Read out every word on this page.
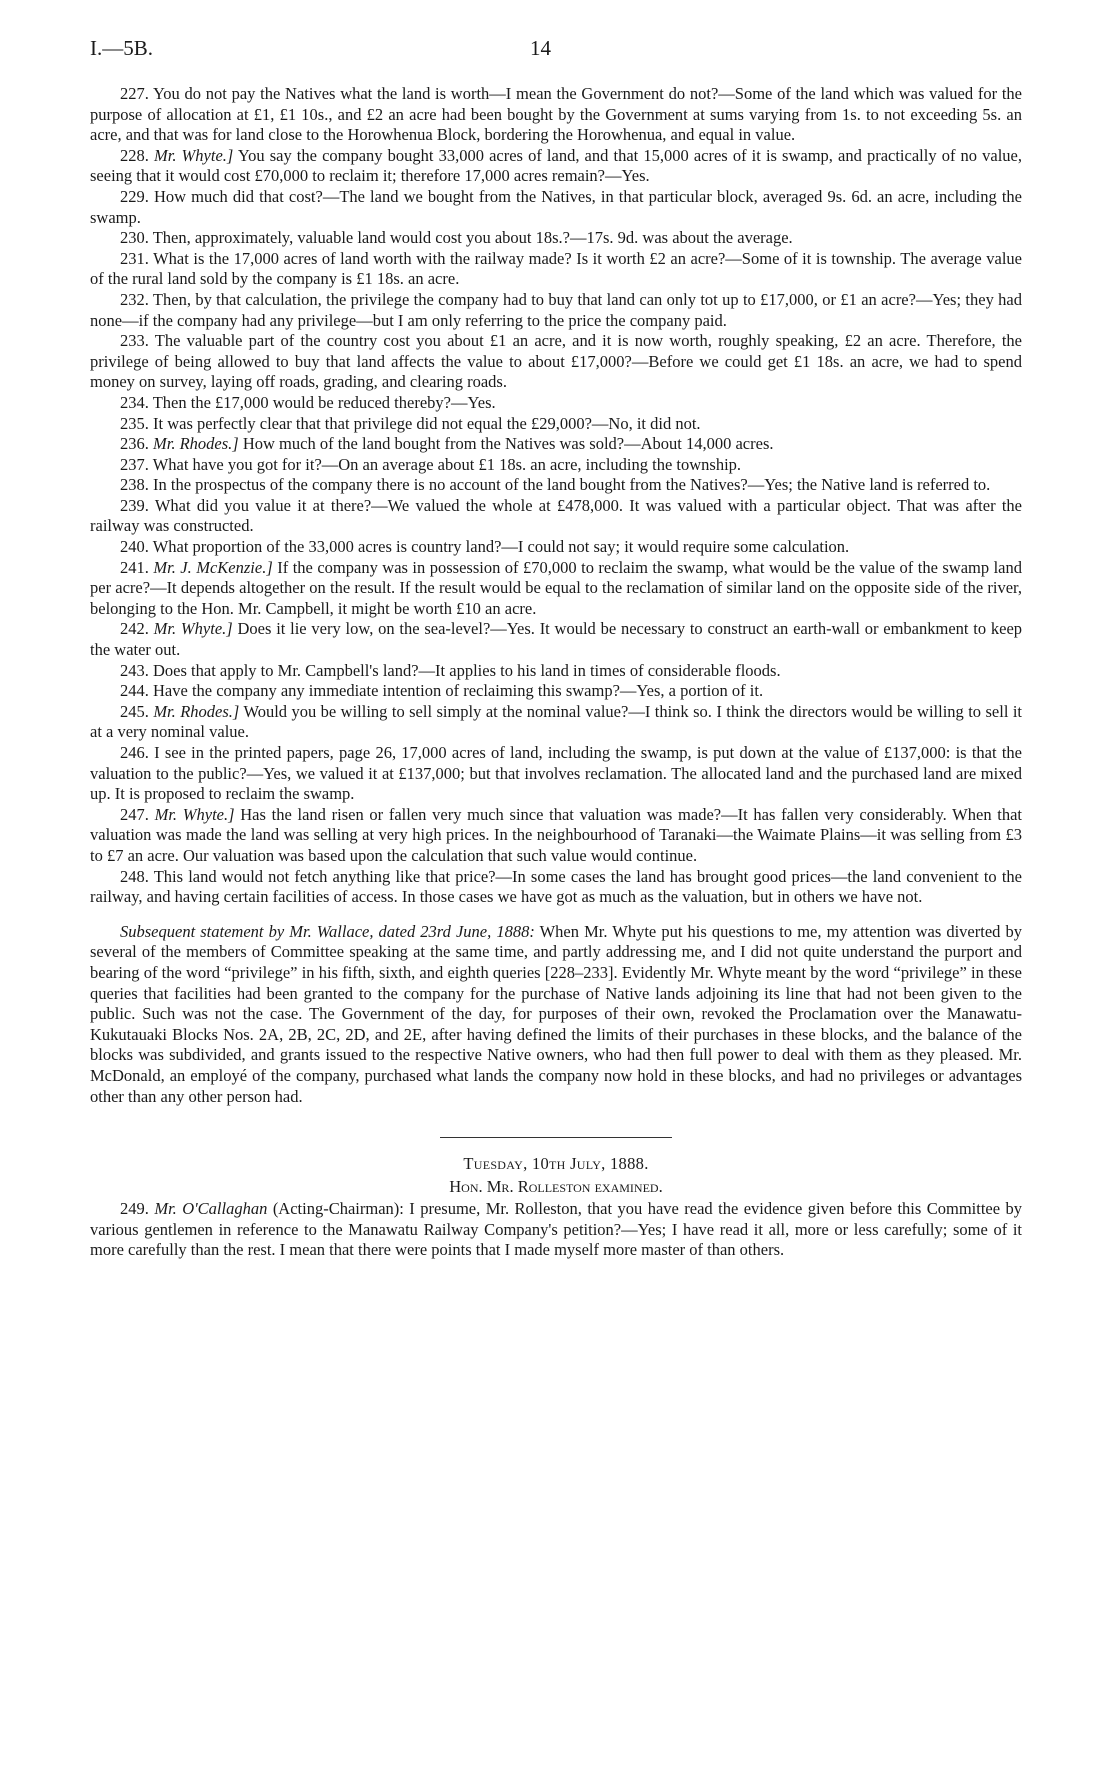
I.—5B.	14

227. You do not pay the Natives what the land is worth—I mean the Government do not?—Some of the land which was valued for the purpose of allocation at £1, £1 10s., and £2 an acre had been bought by the Government at sums varying from 1s. to not exceeding 5s. an acre, and that was for land close to the Horowhenua Block, bordering the Horowhenua, and equal in value.

228. Mr. Whyte.] You say the company bought 33,000 acres of land, and that 15,000 acres of it is swamp, and practically of no value, seeing that it would cost £70,000 to reclaim it; therefore 17,000 acres remain?—Yes.

229. How much did that cost?—The land we bought from the Natives, in that particular block, averaged 9s. 6d. an acre, including the swamp.

230. Then, approximately, valuable land would cost you about 18s.?—17s. 9d. was about the average.

231. What is the 17,000 acres of land worth with the railway made? Is it worth £2 an acre?—Some of it is township. The average value of the rural land sold by the company is £1 18s. an acre.

232. Then, by that calculation, the privilege the company had to buy that land can only tot up to £17,000, or £1 an acre?—Yes; they had none—if the company had any privilege—but I am only referring to the price the company paid.

233. The valuable part of the country cost you about £1 an acre, and it is now worth, roughly speaking, £2 an acre. Therefore, the privilege of being allowed to buy that land affects the value to about £17,000?—Before we could get £1 18s. an acre, we had to spend money on survey, laying off roads, grading, and clearing roads.

234. Then the £17,000 would be reduced thereby?—Yes.

235. It was perfectly clear that that privilege did not equal the £29,000?—No, it did not.

236. Mr. Rhodes.] How much of the land bought from the Natives was sold?—About 14,000 acres.

237. What have you got for it?—On an average about £1 18s. an acre, including the township.

238. In the prospectus of the company there is no account of the land bought from the Natives?—Yes; the Native land is referred to.

239. What did you value it at there?—We valued the whole at £478,000. It was valued with a particular object. That was after the railway was constructed.

240. What proportion of the 33,000 acres is country land?—I could not say; it would require some calculation.

241. Mr. J. McKenzie.] If the company was in possession of £70,000 to reclaim the swamp, what would be the value of the swamp land per acre?—It depends altogether on the result. If the result would be equal to the reclamation of similar land on the opposite side of the river, belonging to the Hon. Mr. Campbell, it might be worth £10 an acre.

242. Mr. Whyte.] Does it lie very low, on the sea-level?—Yes. It would be necessary to construct an earth-wall or embankment to keep the water out.

243. Does that apply to Mr. Campbell's land?—It applies to his land in times of considerable floods.

244. Have the company any immediate intention of reclaiming this swamp?—Yes, a portion of it.

245. Mr. Rhodes.] Would you be willing to sell simply at the nominal value?—I think so. I think the directors would be willing to sell it at a very nominal value.

246. I see in the printed papers, page 26, 17,000 acres of land, including the swamp, is put down at the value of £137,000: is that the valuation to the public?—Yes, we valued it at £137,000; but that involves reclamation. The allocated land and the purchased land are mixed up. It is proposed to reclaim the swamp.

247. Mr. Whyte.] Has the land risen or fallen very much since that valuation was made?—It has fallen very considerably. When that valuation was made the land was selling at very high prices. In the neighbourhood of Taranaki—the Waimate Plains—it was selling from £3 to £7 an acre. Our valuation was based upon the calculation that such value would continue.

248. This land would not fetch anything like that price?—In some cases the land has brought good prices—the land convenient to the railway, and having certain facilities of access. In those cases we have got as much as the valuation, but in others we have not.

Subsequent statement by Mr. Wallace, dated 23rd June, 1888: When Mr. Whyte put his questions to me, my attention was diverted by several of the members of Committee speaking at the same time, and partly addressing me, and I did not quite understand the purport and bearing of the word “privilege” in his fifth, sixth, and eighth queries [228–233]. Evidently Mr. Whyte meant by the word “privilege” in these queries that facilities had been granted to the company for the purchase of Native lands adjoining its line that had not been given to the public. Such was not the case. The Government of the day, for purposes of their own, revoked the Proclamation over the Manawatu-Kukutauaki Blocks Nos. 2A, 2B, 2C, 2D, and 2E, after having defined the limits of their purchases in these blocks, and the balance of the blocks was subdivided, and grants issued to the respective Native owners, who had then full power to deal with them as they pleased. Mr. McDonald, an employé of the company, purchased what lands the company now hold in these blocks, and had no privileges or advantages other than any other person had.

Tuesday, 10th July, 1888.

Hon. Mr. Rolleston examined.

249. Mr. O'Callaghan (Acting-Chairman): I presume, Mr. Rolleston, that you have read the evidence given before this Committee by various gentlemen in reference to the Manawatu Railway Company's petition?—Yes; I have read it all, more or less carefully; some of it more carefully than the rest. I mean that there were points that I made myself more master of than others.
